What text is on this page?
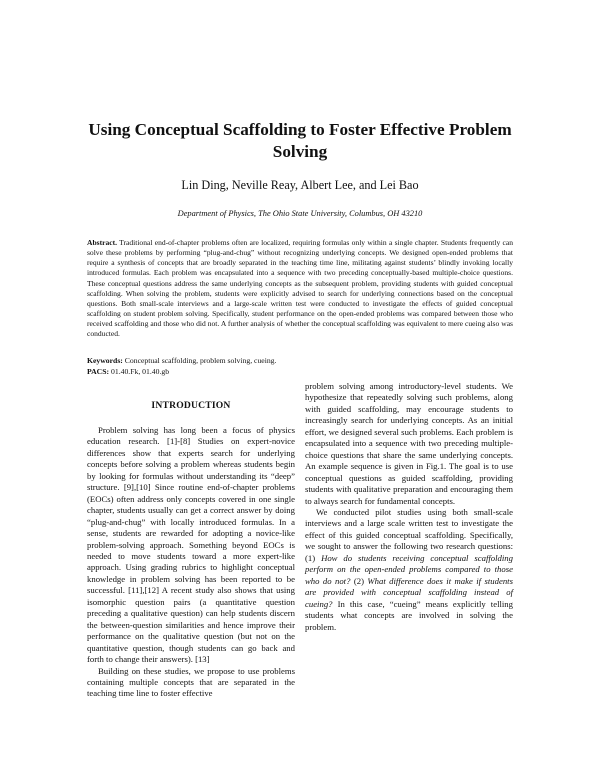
Using Conceptual Scaffolding to Foster Effective Problem Solving
Lin Ding, Neville Reay, Albert Lee, and Lei Bao
Department of Physics, The Ohio State University, Columbus, OH 43210

Abstract. Traditional end-of-chapter problems often are localized, requiring formulas only within a single chapter. Students frequently can solve these problems by performing “plug-and-chug” without recognizing underlying concepts. We designed open-ended problems that require a synthesis of concepts that are broadly separated in the teaching time line, militating against students’ blindly invoking locally introduced formulas. Each problem was encapsulated into a sequence with two preceding conceptually-based multiple-choice questions. These conceptual questions address the same underlying concepts as the subsequent problem, providing students with guided conceptual scaffolding. When solving the problem, students were explicitly advised to search for underlying connections based on the conceptual questions. Both small-scale interviews and a large-scale written test were conducted to investigate the effects of guided conceptual scaffolding on student problem solving. Specifically, student performance on the open-ended problems was compared between those who received scaffolding and those who did not. A further analysis of whether the conceptual scaffolding was equivalent to mere cueing also was conducted.

Keywords: Conceptual scaffolding, problem solving, cueing.
PACS: 01.40.Fk, 01.40.gb
INTRODUCTION

Problem solving has long been a focus of physics education research. [1]-[8] Studies on expert-novice differences show that experts search for underlying concepts before solving a problem whereas students begin by looking for formulas without understanding its “deep” structure. [9],[10] Since routine end-of-chapter problems (EOCs) often address only concepts covered in one single chapter, students usually can get a correct answer by doing “plug-and-chug” with locally introduced formulas. In a sense, students are rewarded for adopting a novice-like problem-solving approach. Something beyond EOCs is needed to move students toward a more expert-like approach. Using grading rubrics to highlight conceptual knowledge in problem solving has been reported to be successful. [11],[12] A recent study also shows that using isomorphic question pairs (a quantitative question preceding a qualitative question) can help students discern the between-question similarities and hence improve their performance on the qualitative question (but not on the quantitative question, though students can go back and forth to change their answers). [13]

Building on these studies, we propose to use problems containing multiple concepts that are separated in the teaching time line to foster effective

problem solving among introductory-level students. We hypothesize that repeatedly solving such problems, along with guided scaffolding, may encourage students to increasingly search for underlying concepts. As an initial effort, we designed several such problems. Each problem is encapsulated into a sequence with two preceding multiple-choice questions that share the same underlying concepts. An example sequence is given in Fig.1. The goal is to use conceptual questions as guided scaffolding, providing students with qualitative preparation and encouraging them to always search for fundamental concepts.

We conducted pilot studies using both small-scale interviews and a large scale written test to investigate the effect of this guided conceptual scaffolding. Specifically, we sought to answer the following two research questions: (1) How do students receiving conceptual scaffolding perform on the open-ended problems compared to those who do not? (2) What difference does it make if students are provided with conceptual scaffolding instead of cueing? In this case, “cueing” means explicitly telling students what concepts are involved in solving the problem.
